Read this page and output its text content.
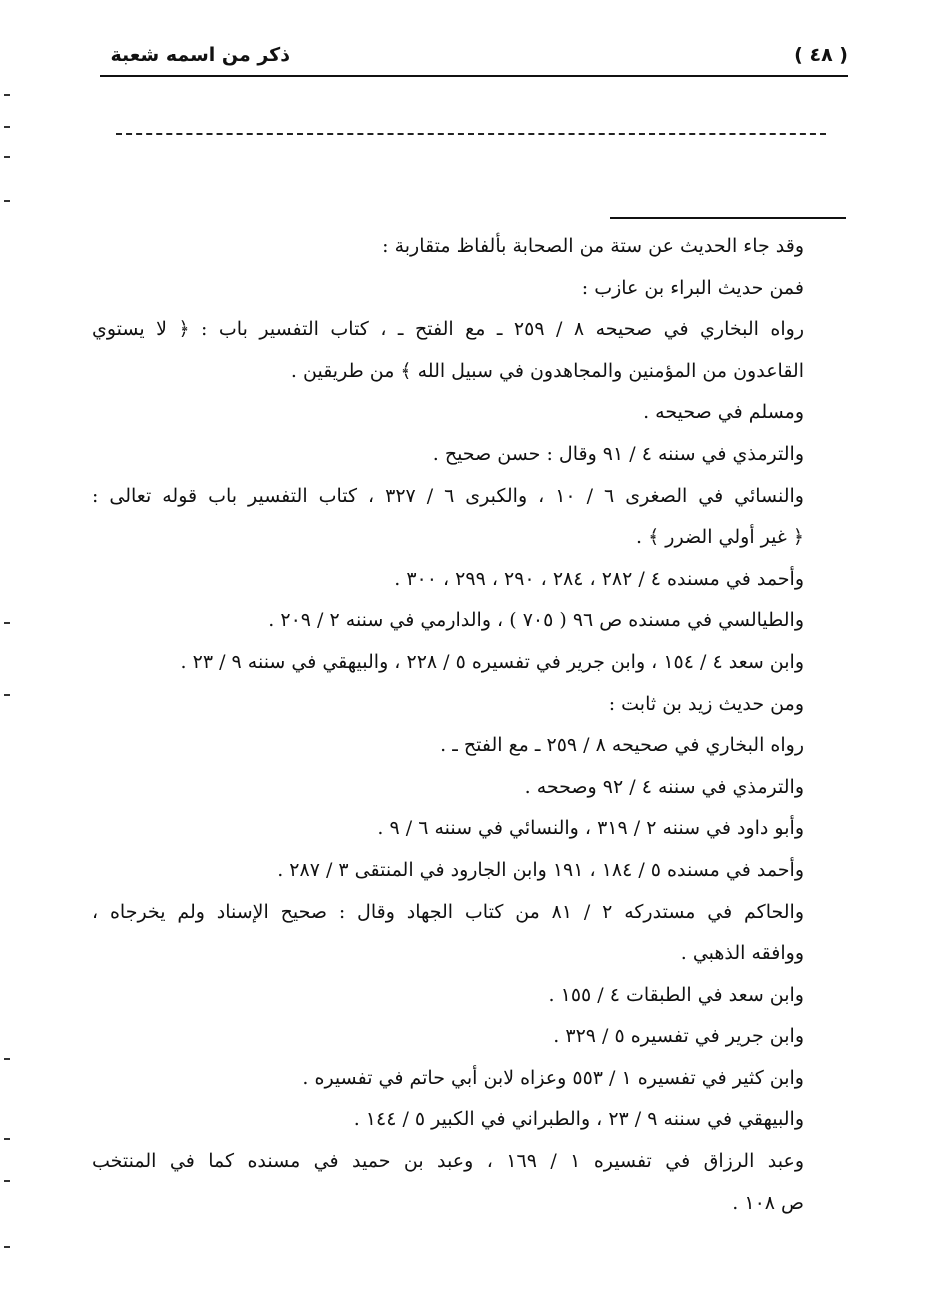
ذكر من اسمه شعبة	( ٤٨ )
وقد جاء الحديث عن ستة من الصحابة بألفاظ متقاربة :
فمن حديث البراء بن عازب :
رواه البخاري في صحيحه ٨ / ٢٥٩ ـ مع الفتح ـ ، كتاب التفسير باب : ﴿ لا يستوي
القاعدون من المؤمنين والمجاهدون في سبيل الله ﴾ من طريقين .
ومسلم في صحيحه .
والترمذي في سننه ٤ / ٩١ وقال : حسن صحيح .
والنسائي في الصغرى ٦ / ١٠ ، والكبرى ٦ / ٣٢٧ ، كتاب التفسير باب قوله تعالى :
﴿ غير أولي الضرر ﴾ .
وأحمد في مسنده ٤ / ٢٨٢ ، ٢٨٤ ، ٢٩٠ ، ٢٩٩ ، ٣٠٠ .
والطيالسي في مسنده ص ٩٦ ( ٧٠٥ ) ، والدارمي في سننه ٢ / ٢٠٩ .
وابن سعد ٤ / ١٥٤ ، وابن جرير في تفسيره ٥ / ٢٢٨ ، والبيهقي في سننه ٩ / ٢٣ .
ومن حديث زيد بن ثابت :
رواه البخاري في صحيحه ٨ / ٢٥٩ ـ مع الفتح ـ .
والترمذي في سننه ٤ / ٩٢ وصححه .
وأبو داود في سننه ٢ / ٣١٩ ، والنسائي في سننه ٦ / ٩ .
وأحمد في مسنده ٥ / ١٨٤ ، ١٩١ وابن الجارود في المنتقى ٣ / ٢٨٧ .
والحاكم في مستدركه ٢ / ٨١ من كتاب الجهاد وقال : صحيح الإسناد ولم يخرجاه ،
ووافقه الذهبي .
وابن سعد في الطبقات ٤ / ١٥٥ .
وابن جرير في تفسيره ٥ / ٣٢٩ .
وابن كثير في تفسيره ١ / ٥٥٣ وعزاه لابن أبي حاتم في تفسيره .
والبيهقي في سننه ٩ / ٢٣ ، والطبراني في الكبير ٥ / ١٤٤ .
وعبد الرزاق في تفسيره ١ / ١٦٩ ، وعبد بن حميد في مسنده كما في المنتخب
ص ١٠٨ .
